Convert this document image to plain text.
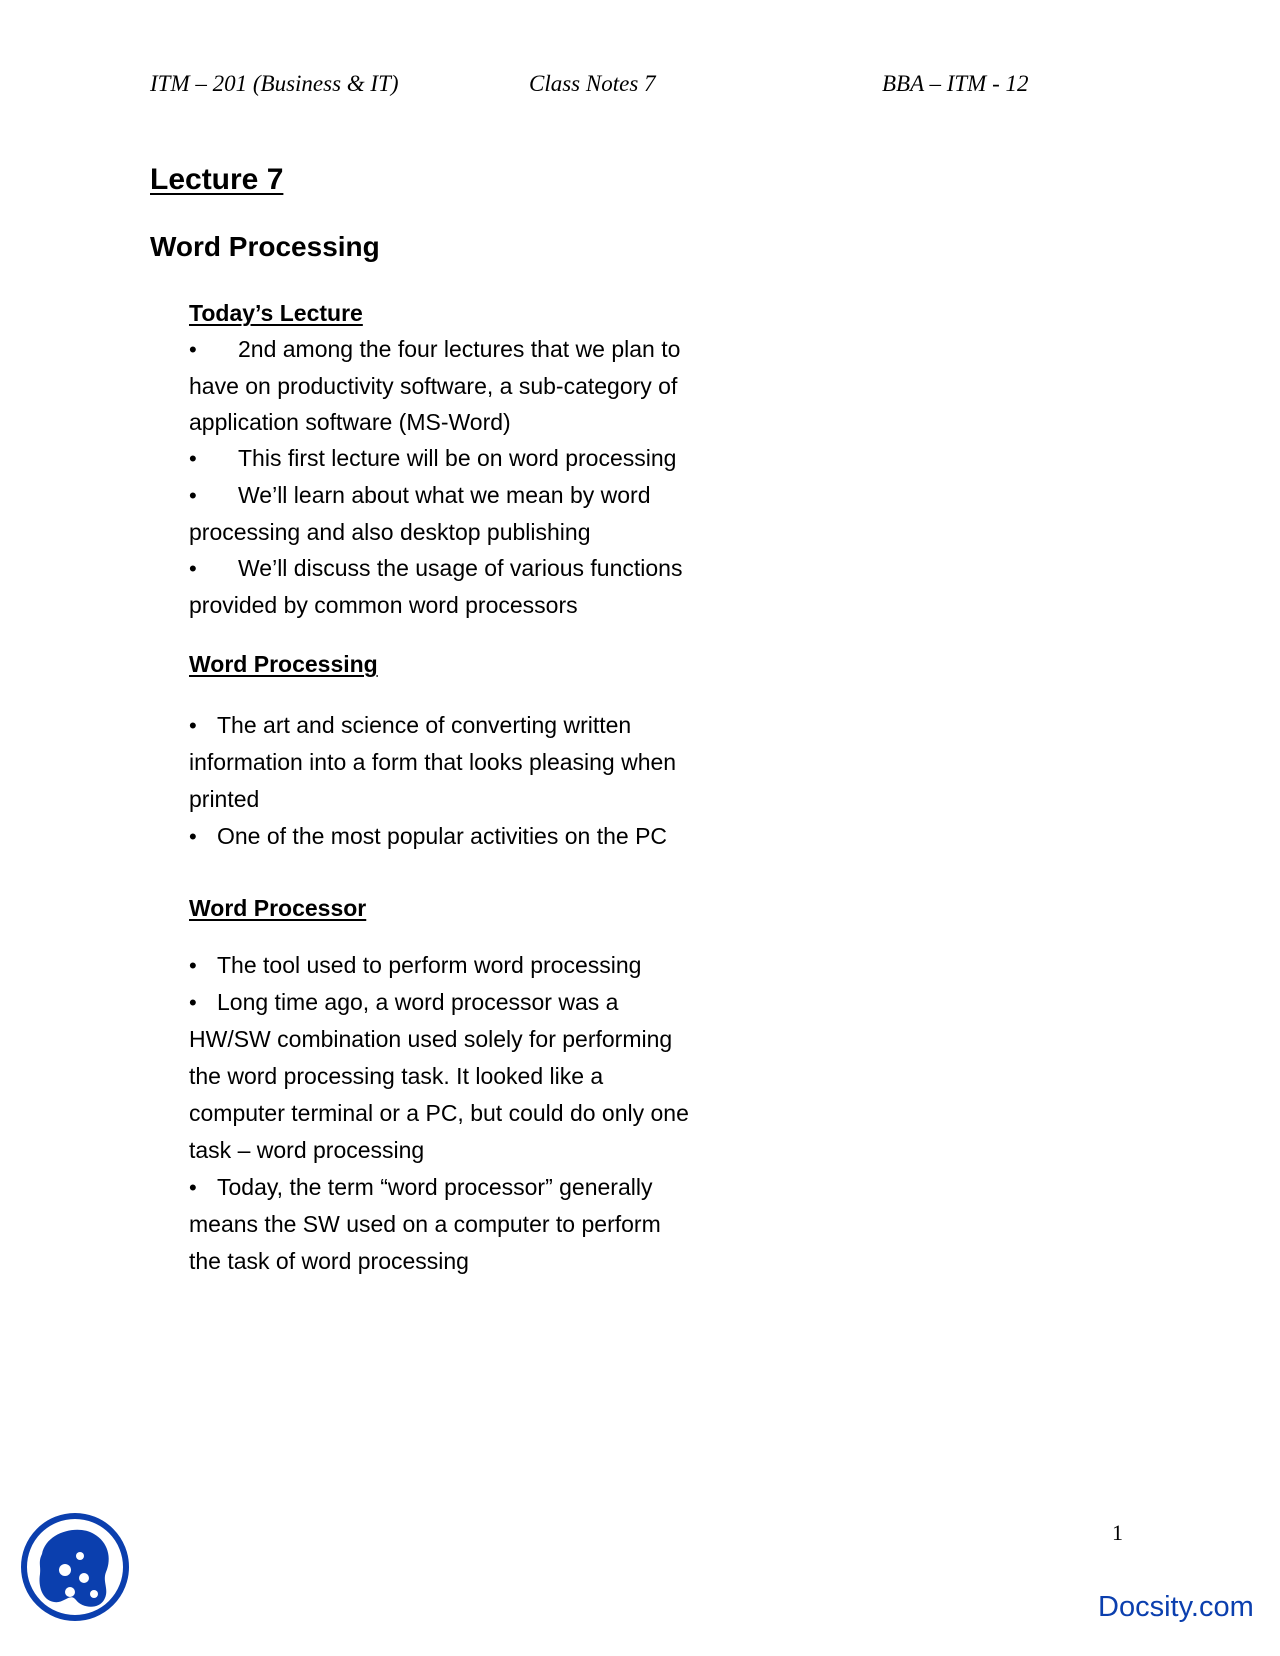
ITM – 201 (Business & IT)	Class Notes 7	BBA – ITM - 12
Lecture 7
Word Processing
Today’s Lecture
• 2nd among the four lectures that we plan to have on productivity software, a sub-category of application software (MS-Word)
• This first lecture will be on word processing
• We’ll learn about what we mean by word processing and also desktop publishing
• We’ll discuss the usage of various functions provided by common word processors
Word Processing
• The art and science of converting written information into a form that looks pleasing when printed
• One of the most popular activities on the PC
Word Processor
• The tool used to perform word processing
• Long time ago, a word processor was a HW/SW combination used solely for performing the word processing task. It looked like a computer terminal or a PC, but could do only one task – word processing
• Today, the term “word processor” generally means the SW used on a computer to perform the task of word processing
1
Docsity.com
